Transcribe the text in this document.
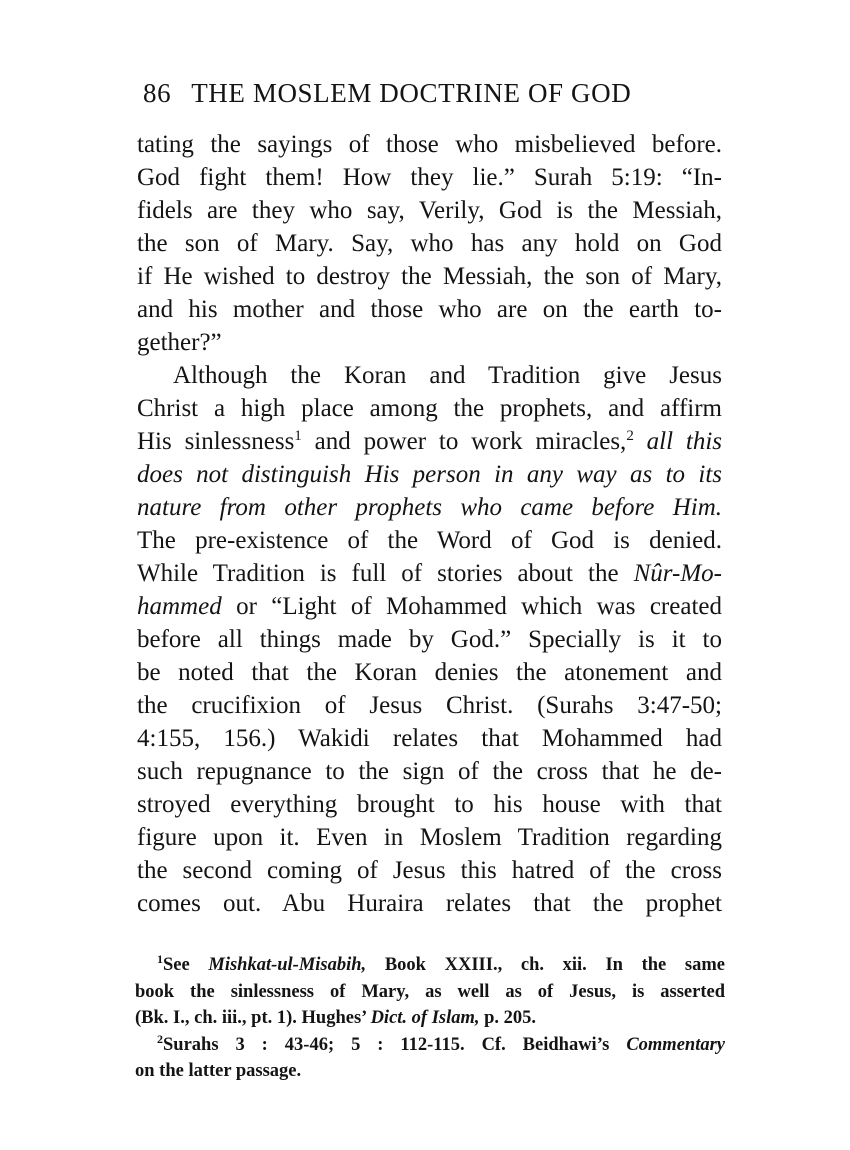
86 THE MOSLEM DOCTRINE OF GOD
tating the sayings of those who misbelieved before.
God fight them! How they lie.” Surah 5:19: “In-
fidels are they who say, Verily, God is the Messiah,
the son of Mary. Say, who has any hold on God
if He wished to destroy the Messiah, the son of Mary,
and his mother and those who are on the earth to-
gether?”
Although the Koran and Tradition give Jesus
Christ a high place among the prophets, and affirm
His sinlessness$^1$ and power to work miracles,$^2$ all this
does not distinguish His person in any way as to its
nature from other prophets who came before Him.
The pre-existence of the Word of God is denied.
While Tradition is full of stories about the Nûr-Mo-
hammed or “Light of Mohammed which was created
before all things made by God.” Specially is it to
be noted that the Koran denies the atonement and
the crucifixion of Jesus Christ. (Surahs 3:47-50;
4:155, 156.) Wakidi relates that Mohammed had
such repugnance to the sign of the cross that he de-
stroyed everything brought to his house with that
figure upon it. Even in Moslem Tradition regarding
the second coming of Jesus this hatred of the cross
comes out. Abu Huraira relates that the prophet
$^1$See Mishkat-ul-Misabih, Book XXIII., ch. xii. In the same
book the sinlessness of Mary, as well as of Jesus, is asserted
(Bk. I., ch. iii., pt. 1). Hughes’ Dict. of Islam, p. 205.
$^2$Surahs 3 : 43-46; 5 : 112-115. Cf. Beidhawi’s Commentary
on the latter passage.
